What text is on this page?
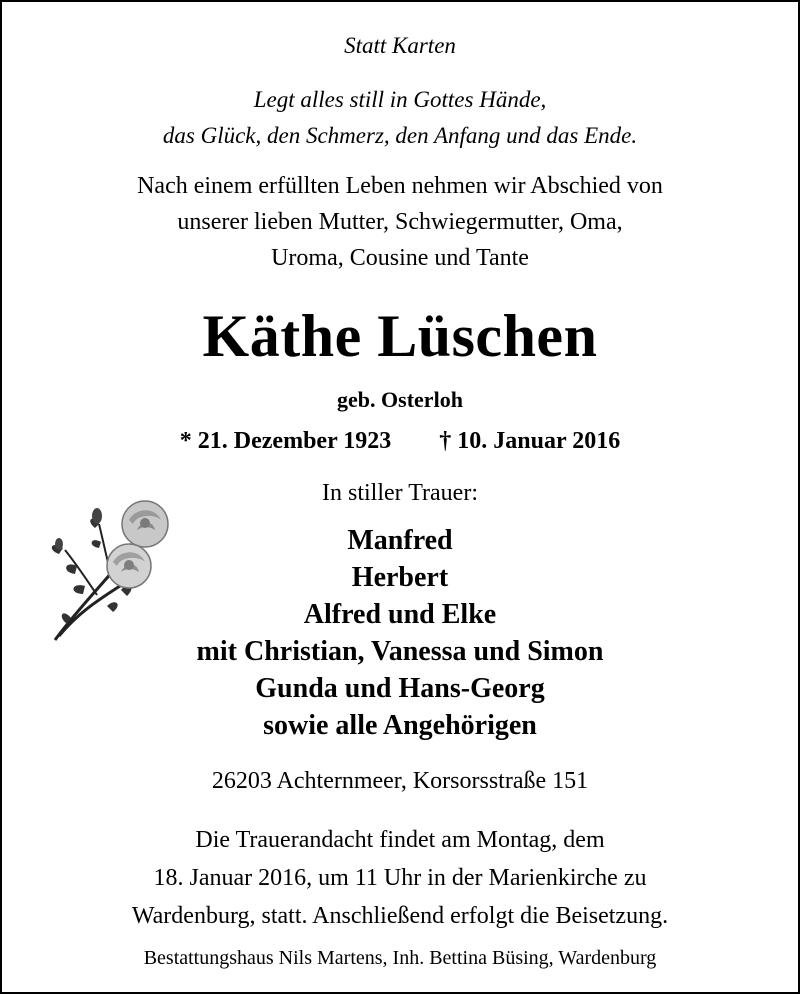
Statt Karten
Legt alles still in Gottes Hände,
das Glück, den Schmerz, den Anfang und das Ende.
Nach einem erfüllten Leben nehmen wir Abschied von
unserer lieben Mutter, Schwiegermutter, Oma,
Uroma, Cousine und Tante
Käthe Lüschen
geb. Osterloh
* 21. Dezember 1923 † 10. Januar 2016
In stiller Trauer:
Manfred
Herbert
Alfred und Elke
mit Christian, Vanessa und Simon
Gunda und Hans-Georg
sowie alle Angehörigen
26203 Achternmeer, Korsorsstraße 151
Die Trauerandacht findet am Montag, dem
18. Januar 2016, um 11 Uhr in der Marienkirche zu
Wardenburg, statt. Anschließend erfolgt die Beisetzung.
Bestattungshaus Nils Martens, Inh. Bettina Büsing, Wardenburg
